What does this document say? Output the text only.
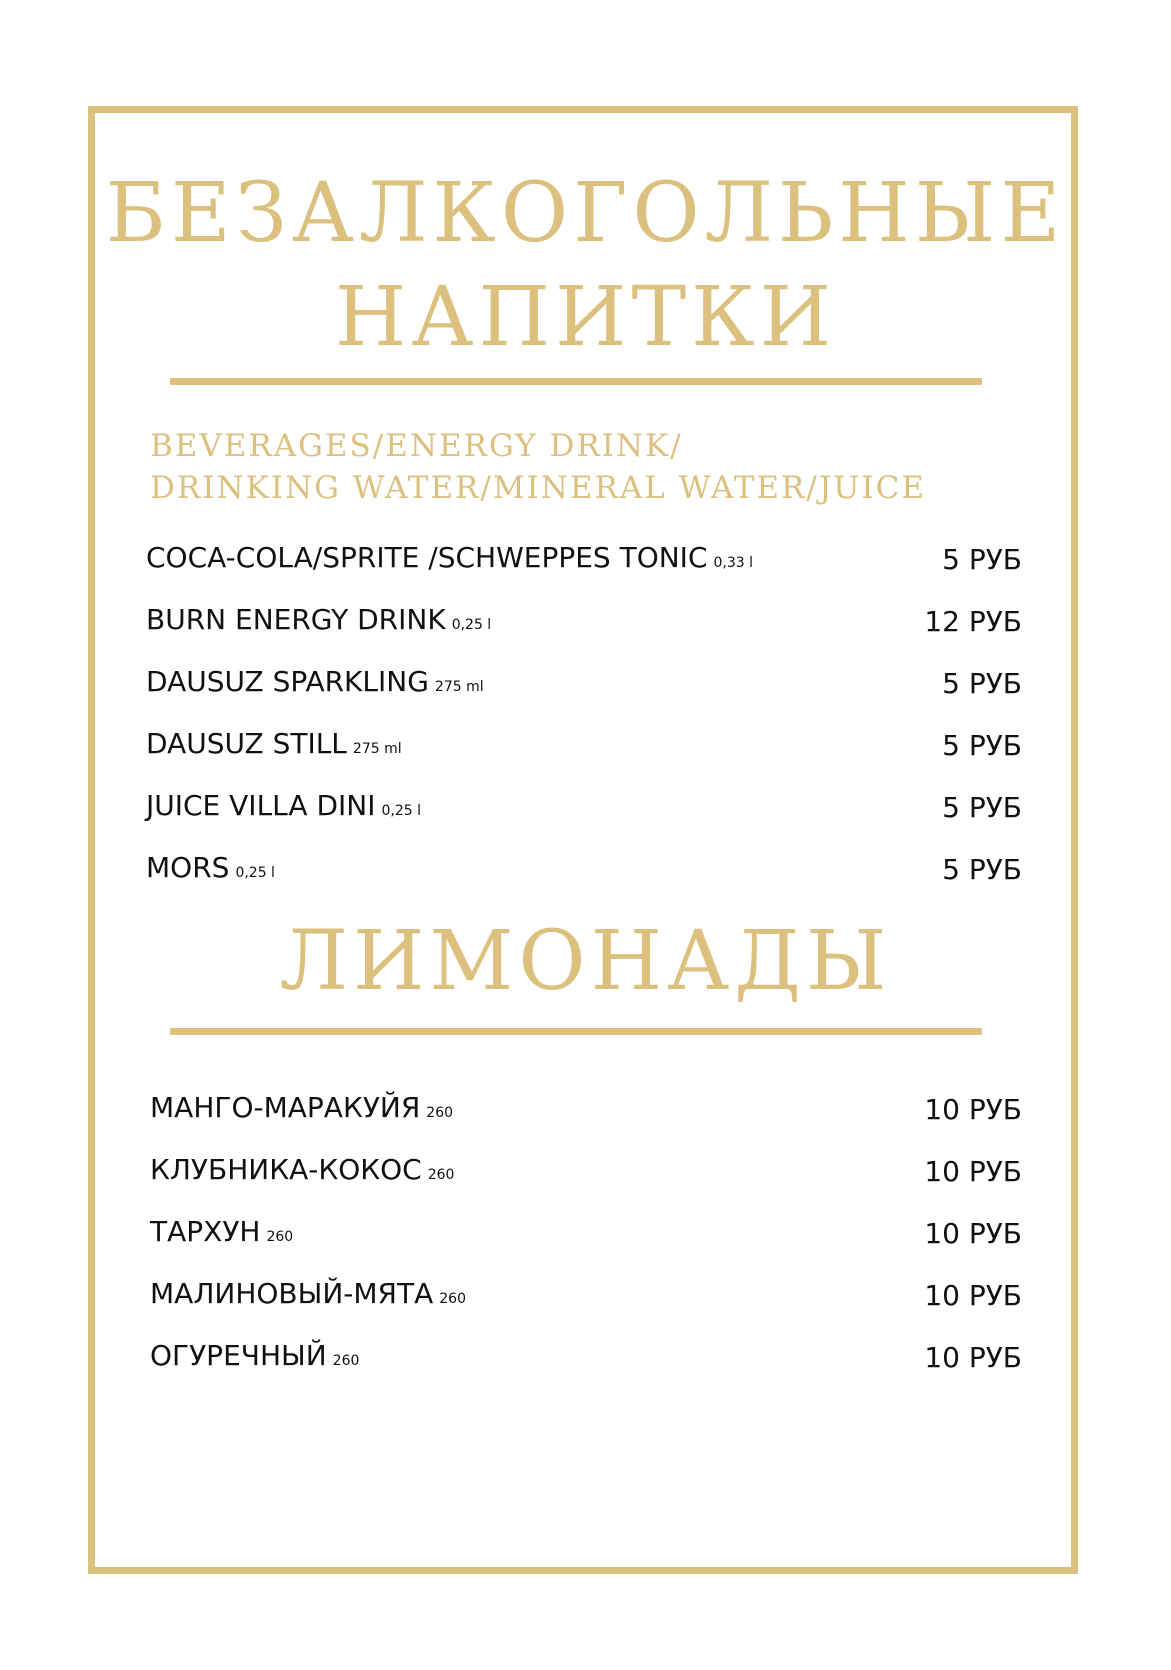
БЕЗАЛКОГОЛЬНЫЕ
НАПИТКИ
BEVERAGES/ENERGY DRINK/
DRINKING WATER/MINERAL WATER/JUICE
COCA-COLA/SPRITE /SCHWEPPES TONIC 0,33 l	5 РУБ
BURN ENERGY DRINK 0,25 l	12 РУБ
DAUSUZ SPARKLING 275 ml	5 РУБ
DAUSUZ STILL 275 ml	5 РУБ
JUICE VILLA DINI 0,25 l	5 РУБ
MORS 0,25 l	5 РУБ
ЛИМОНАДЫ
МАНГО-МАРАКУЙЯ 260	10 РУБ
КЛУБНИКА-КОКОС 260	10 РУБ
ТАРХУН 260	10 РУБ
МАЛИНОВЫЙ-МЯТА 260	10 РУБ
ОГУРЕЧНЫЙ 260	10 РУБ
